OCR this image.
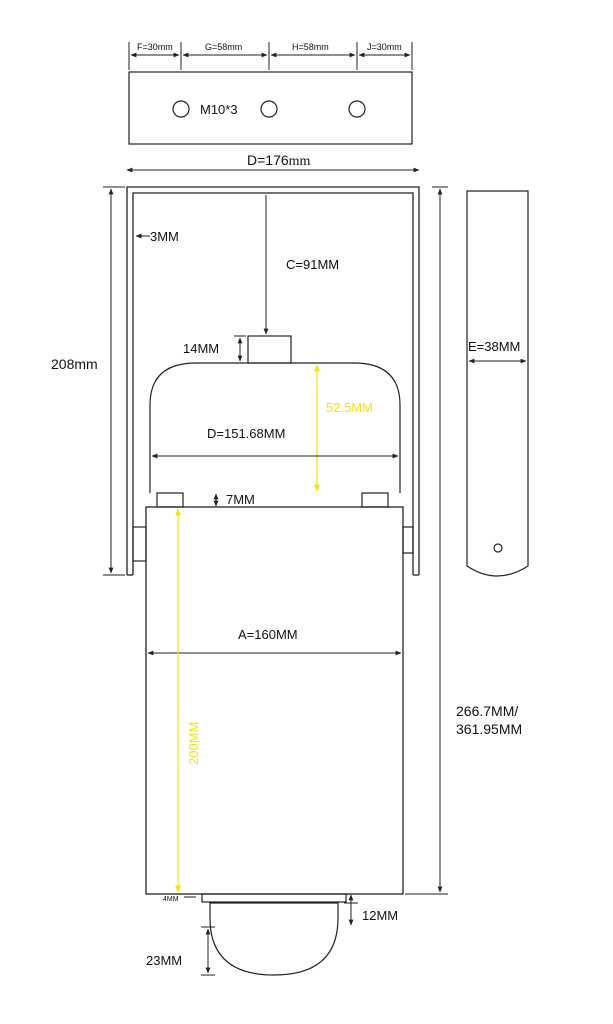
M10*3
F=30mm	G=58mm	H=58mm	J=30mm
D=176mm
3MM
208mm
C=91MM
14MM
52.5MM
D=151.68MM
7MM
A=160MM
200MM
4MM
266.7MM/
361.95MM
12MM
23MM
E=38MM
